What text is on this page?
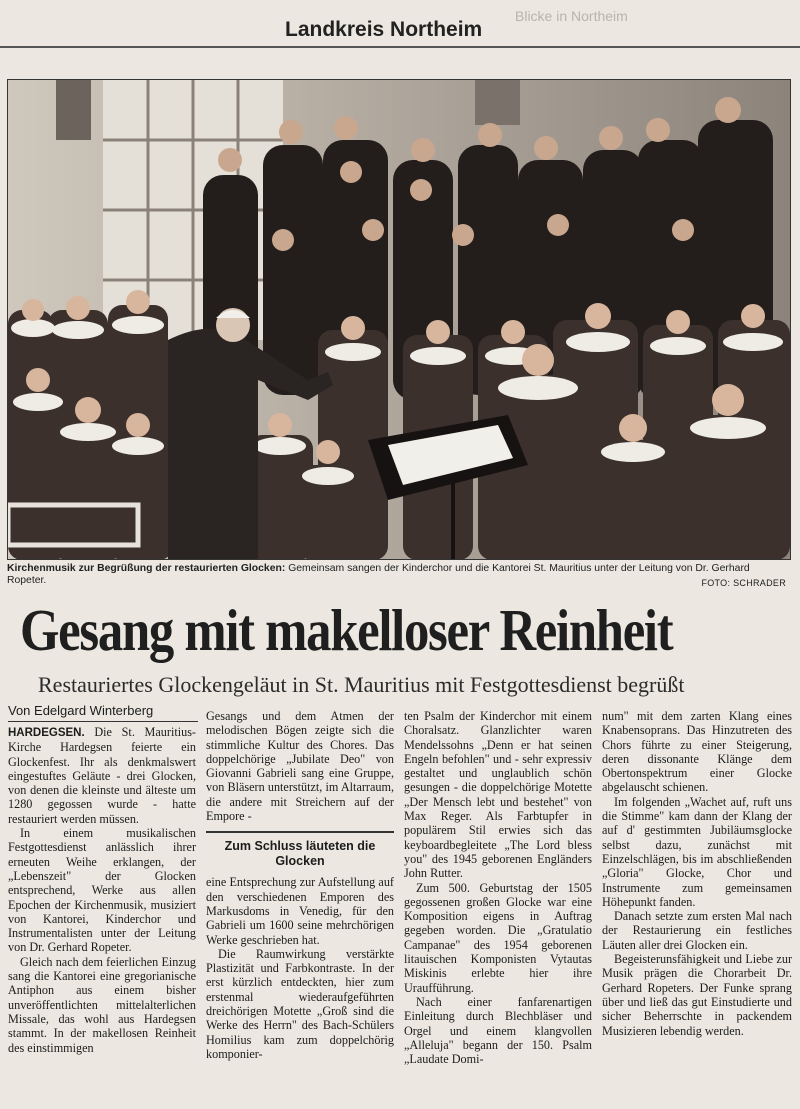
Blicke in Northeim
Landkreis Northeim
Kirchenmusik zur Begrüßung der restaurierten Glocken: Gemeinsam sangen der Kinderchor und die Kantorei St. Mauritius unter der Leitung von Dr. Gerhard Ropeter.	FOTO: SCHRADER
Gesang mit makelloser Reinheit
Restauriertes Glockengeläut in St. Mauritius mit Festgottesdienst begrüßt
Von Edelgard Winterberg

HARDEGSEN. Die St. Mauritius-Kirche Hardegsen feierte ein Glockenfest. Ihr als denkmalswert eingestuftes Geläute - drei Glocken, von denen die kleinste und älteste um 1280 gegossen wurde - hatte restauriert werden müssen.

In einem musikalischen Festgottesdienst anlässlich ihrer erneuten Weihe erklangen, der „Lebenszeit" der Glocken entsprechend, Werke aus allen Epochen der Kirchenmusik, musiziert von Kantorei, Kinderchor und Instrumentalisten unter der Leitung von Dr. Gerhard Ropeter.

Gleich nach dem feierlichen Einzug sang die Kantorei eine gregorianische Antiphon aus einem bisher unveröffentlichten mittelalterlichen Missale, das wohl aus Hardegsen stammt. In der makellosen Reinheit des einstimmigen

Gesangs und dem Atmen der melodischen Bögen zeigte sich die stimmliche Kultur des Chores. Das doppelchörige „Jubilate Deo" von Giovanni Gabrieli sang eine Gruppe, von Bläsern unterstützt, im Altarraum, die andere mit Streichern auf der Empore -

Zum Schluss läuteten die Glocken

eine Entsprechung zur Aufstellung auf den verschiedenen Emporen des Markusdoms in Venedig, für den Gabrieli um 1600 seine mehrchörigen Werke geschrieben hat.

Die Raumwirkung verstärkte Plastizität und Farbkontraste. In der erst kürzlich entdeckten, hier zum erstenmal wiederaufgeführten dreichörigen Motette „Groß sind die Werke des Herrn" des Bach-Schülers Homilius kam zum doppelchörig komponier-

ten Psalm der Kinderchor mit einem Choralsatz. Glanzlichter waren Mendelssohns „Denn er hat seinen Engeln befohlen" und - sehr expressiv gestaltet und unglaublich schön gesungen - die doppelchörige Motette „Der Mensch lebt und bestehet" von Max Reger. Als Farbtupfer in populärem Stil erwies sich das keyboardbegleitete „The Lord bless you" des 1945 geborenen Engländers John Rutter.

Zum 500. Geburtstag der 1505 gegossenen großen Glocke war eine Komposition eigens in Auftrag gegeben worden. Die „Gratulatio Campanae" des 1954 geborenen litauischen Komponisten Vytautas Miskinis erlebte hier ihre Uraufführung.

Nach einer fanfarenartigen Einleitung durch Blechbläser und Orgel und einem klangvollen „Alleluja" begann der 150. Psalm „Laudate Domi-

num" mit dem zarten Klang eines Knabensoprans. Das Hinzutreten des Chors führte zu einer Steigerung, deren dissonante Klänge dem Obertonspektrum einer Glocke abgelauscht schienen.

Im folgenden „Wachet auf, ruft uns die Stimme" kam dann der Klang der auf d' gestimmten Jubiläumsglocke selbst dazu, zunächst mit Einzelschlägen, bis im abschließenden „Gloria" Glocke, Chor und Instrumente zum gemeinsamen Höhepunkt fanden.

Danach setzte zum ersten Mal nach der Restaurierung ein festliches Läuten aller drei Glocken ein.

Begeisterunsfähigkeit und Liebe zur Musik prägen die Chorarbeit Dr. Gerhard Ropeters. Der Funke sprang über und ließ das gut Einstudierte und sicher Beherrschte in packendem Musizieren lebendig werden.
